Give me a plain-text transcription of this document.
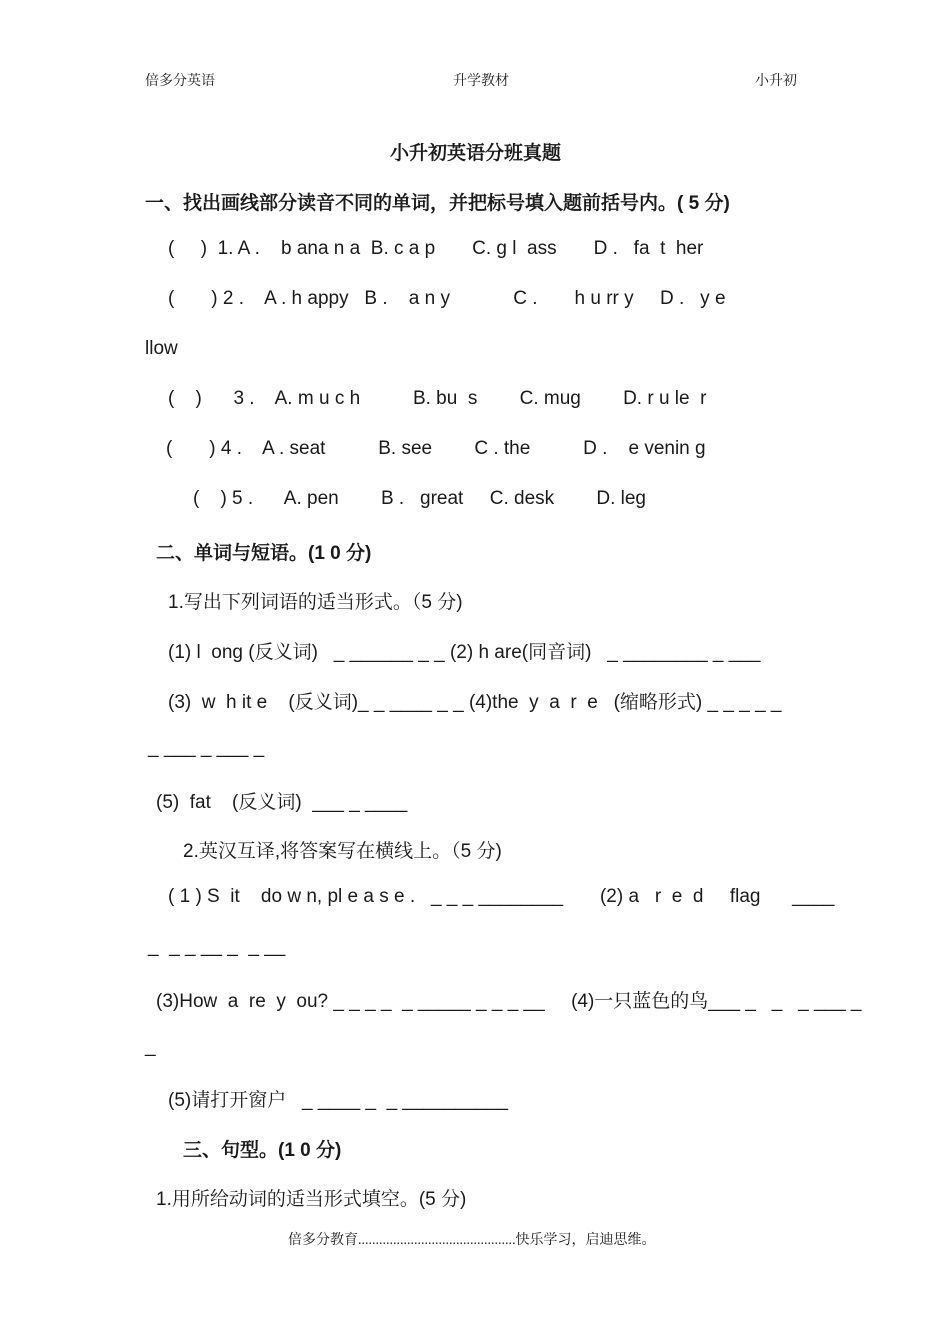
倍多分英语	升学教材	小升初
小升初英语分班真题
一、找出画线部分读音不同的单词，并把标号填入题前括号内。( 5 分)
(     )  1. A .    b ana n a  B. c a p       C. g l  ass       D .   fa  t  her
(       ) 2 .    A . h appy   B .    a n y            C .       h u rr y     D .   y e
llow
(    )      3 .    A. m u c h          B. bu  s        C. mug        D. r u le  r
(       ) 4 .    A . seat          B. see        C . the          D .    e venin g
(    ) 5 .      A. pen        B .   great     C. desk        D. leg
二、单词与短语。(1 0 分)
1.写出下列词语的适当形式。（5 分)
(1) l  ong (反义词)   _ ______ _ _ (2) h are(同音词)   _ ________ _ ___
(3)  w  h it e    (反义词)_ _ ____ _ _ (4)the  y  a  r  e   (缩略形式) _ _ _ _ _
_ ___ _ ___ _
(5)  fat    (反义词)  ___ _ ____
2.英汉互译,将答案写在横线上。（5 分)
( 1 ) S  it    do w n, pl e a s e .   _ _ _ ________       (2) a   r  e  d     flag      ____
_  _ _ __ _  _ __
(3)How  a  re  y  ou? _ _ _ _  _ _____ _ _ _ __     (4)一只蓝色的鸟___ _   _   _ ___ _
_
(5)请打开窗户   _ ____ _  _ __________
三、句型。(1 0 分)
1.用所给动词的适当形式填空。(5 分)
倍多分教育.............................................快乐学习，启迪思维。
